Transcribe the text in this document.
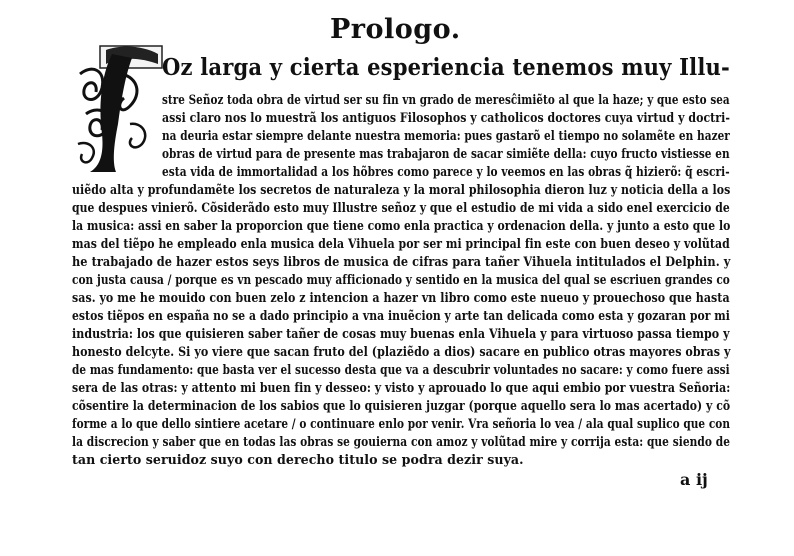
Prologo.
Oz larga y cierta esperiencia tenemos muy Illu-
stre Señoz toda obra de virtud ser su fin vn grado de meresĉimiẽto al que la haze; y que esto sea
assi claro nos lo muestrã los antiguos Filosophos y catholicos doctores cuya virtud y doctri-
na deuria estar siempre delante nuestra memoria: pues gastarõ el tiempo no solamẽte en hazer
obras de virtud para de presente mas trabajaron de sacar simiẽte della: cuyo fructo vistiesse en
esta vida de immortalidad a los hõbres como parece y lo veemos en las obras q̃ hizierõ: q̃ escri-
uiẽdo alta y profundamẽte los secretos de naturaleza y la moral philosophia dieron luz y noticia della a los
que despues vinierõ. Cõsiderãdo esto muy Illustre señoz y que el estudio de mi vida a sido enel exercicio de
la musica: assi en saber la proporcion que tiene como enla practica y ordenacion della. y junto a esto que lo
mas del tiẽpo he empleado enla musica dela Vihuela por ser mi principal fin este con buen deseo y volũtad
he trabajado de hazer estos seys libros de musica de cifras para tañer Vihuela intitulados el Delphin. y
con justa causa / porque es vn pescado muy afficionado y sentido en la musica del qual se escriuen grandes co
sas. yo me he mouido con buen zelo z intencion a hazer vn libro como este nueuo y prouechoso que hasta
estos tiẽpos en españa no se a dado principio a vna inuẽcion y arte tan delicada como esta y gozaran por mi
industria: los que quisieren saber tañer de cosas muy buenas enla Vihuela y para virtuoso passa tiempo y
honesto delcyte. Si yo viere que sacan fruto del (plaziẽdo a dios) sacare en publico otras mayores obras y
de mas fundamento: que basta ver el sucesso desta que va a descubrir voluntades no sacare: y como fuere assi
sera de las otras: y attento mi buen fin y desseo: y visto y aprouado lo que aqui embio por vuestra Señoria:
cõsentire la determinacion de los sabios que lo quisieren juzgar (porque aquello sera lo mas acertado) y cõ
forme a lo que dello sintiere acetare / o continuare enlo por venir. Vra señoria lo vea / ala qual suplico que con
la discrecion y saber que en todas las obras se gouierna con amoz y volũtad mire y corrija esta: que siendo de
tan cierto seruidoz suyo con derecho titulo se podra dezir suya.
a ij
